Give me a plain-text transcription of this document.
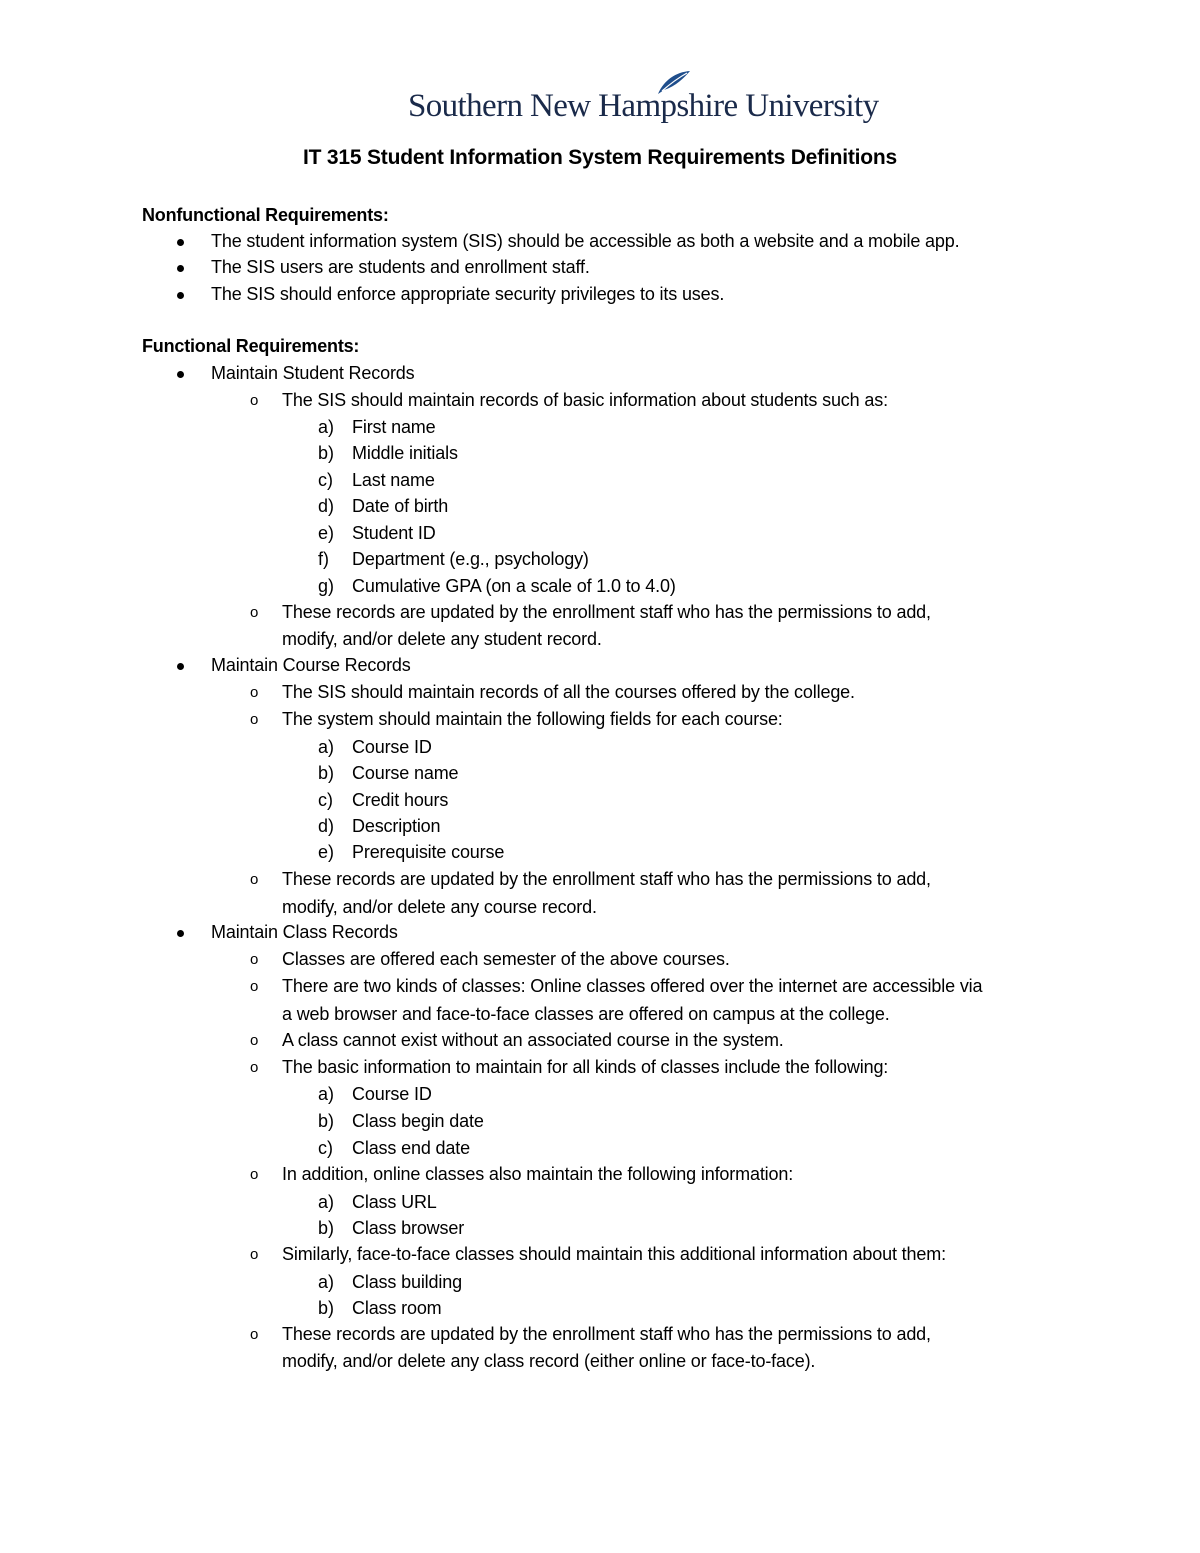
Southern New Hampshire University
IT 315 Student Information System Requirements Definitions
Nonfunctional Requirements:
The student information system (SIS) should be accessible as both a website and a mobile app.
The SIS users are students and enrollment staff.
The SIS should enforce appropriate security privileges to its uses.
Functional Requirements:
Maintain Student Records
o The SIS should maintain records of basic information about students such as:
a) First name
b) Middle initials
c) Last name
d) Date of birth
e) Student ID
f) Department (e.g., psychology)
g) Cumulative GPA (on a scale of 1.0 to 4.0)
o These records are updated by the enrollment staff who has the permissions to add,
modify, and/or delete any student record.
Maintain Course Records
o The SIS should maintain records of all the courses offered by the college.
o The system should maintain the following fields for each course:
a) Course ID
b) Course name
c) Credit hours
d) Description
e) Prerequisite course
o These records are updated by the enrollment staff who has the permissions to add,
modify, and/or delete any course record.
Maintain Class Records
o Classes are offered each semester of the above courses.
o There are two kinds of classes: Online classes offered over the internet are accessible via
a web browser and face-to-face classes are offered on campus at the college.
o A class cannot exist without an associated course in the system.
o The basic information to maintain for all kinds of classes include the following:
a) Course ID
b) Class begin date
c) Class end date
o In addition, online classes also maintain the following information:
a) Class URL
b) Class browser
o Similarly, face-to-face classes should maintain this additional information about them:
a) Class building
b) Class room
o These records are updated by the enrollment staff who has the permissions to add,
modify, and/or delete any class record (either online or face-to-face).
